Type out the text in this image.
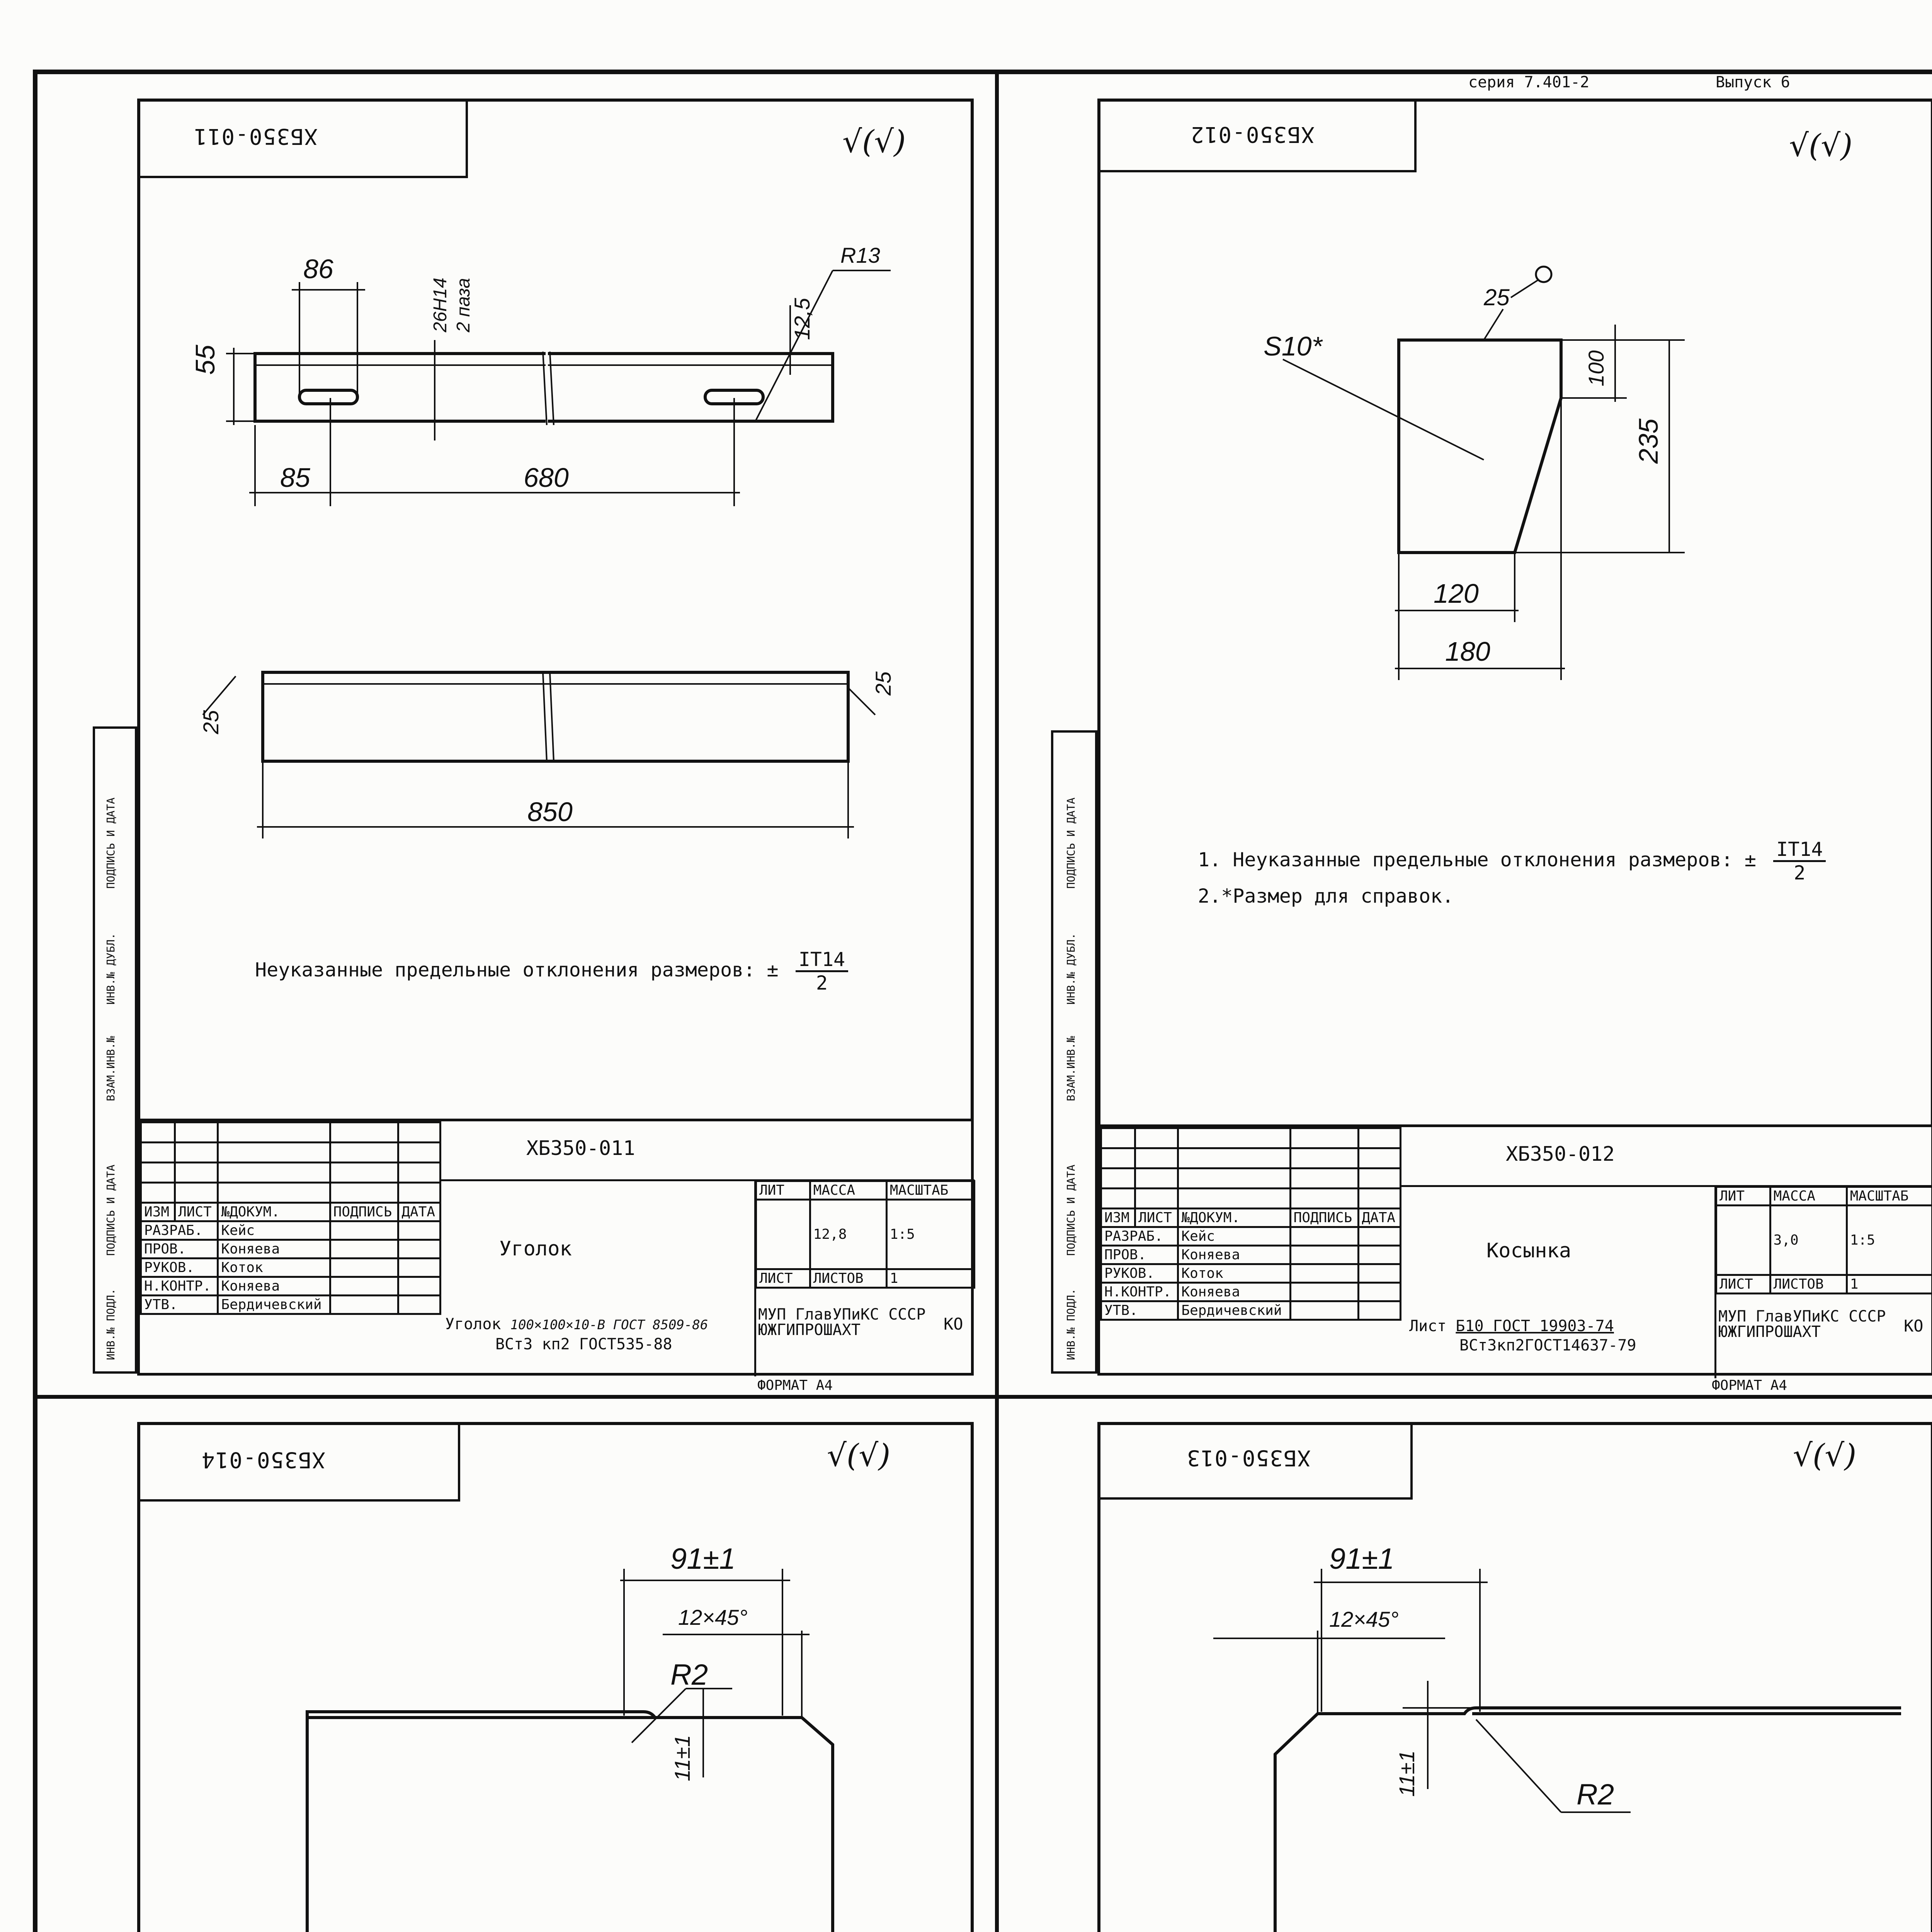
серия 7.401-2	Выпуск 6
ХБ350-011	√(√)
86
26Н14 2 паза
55
85	680
R13
12,5
850
25
25
Неуказанные предельные отклонения размеров: ± $\frac{IT14}{2}$
ИНВ.№ ПОДЛ.
ПОДПИСЬ И ДАТА
ВЗАМ.ИНВ.№
ИНВ.№ ДУБЛ.
ПОДПИСЬ И ДАТА

ИЗМ	ЛИСТ	№ДОКУМ.	ПОДПИСЬ	ДАТА
РАЗРАБ.		Кейс		
ПРОВ.		Коняева		
РУКОВ.		Коток		
Н.КОНТР.		Коняева		
УТВ.		Бердичевский		
ХБ350-011
Уголок
ЛИТ	МАССА	МАСШТАБ
	12,8	1:5
ЛИСТ	ЛИСТОВ	1
МУП ГлавУПиКС СССР
ЮЖГИПРОШАХТ	КО
Уголок 100×100×10-В ГОСТ 8509-86
ВСт3 кп2 ГОСТ535-88
ФОРМАТ А4
ХБ350-012	√(√)
S10*
25
100
235
120
180
1. Неуказанные предельные отклонения размеров: ± $\frac{IT14}{2}$
2.*Размер для справок.
ИНВ.№ ПОДЛ.
ПОДПИСЬ И ДАТА
ВЗАМ.ИНВ.№
ИНВ.№ ДУБЛ.
ПОДПИСЬ И ДАТА

ИЗМ	ЛИСТ	№ДОКУМ.	ПОДПИСЬ	ДАТА
РАЗРАБ.		Кейс		
ПРОВ.		Коняева		
РУКОВ.		Коток		
Н.КОНТР.		Коняева		
УТВ.		Бердичевский		
ХБ350-012
Косынка
ЛИТ	МАССА	МАСШТАБ
	3,0	1:5
ЛИСТ	ЛИСТОВ	1
МУП ГлавУПиКС СССР
ЮЖГИПРОШАХТ	КО
Лист Б10 ГОСТ 19903-74
ВСт3кп2ГОСТ14637-79
ФОРМАТ А4
ХБ350-014	√(√)
91±1
12×45°
R2
11±1

ХБ350-013	√(√)
91±1
12×45°
R2
11±1
